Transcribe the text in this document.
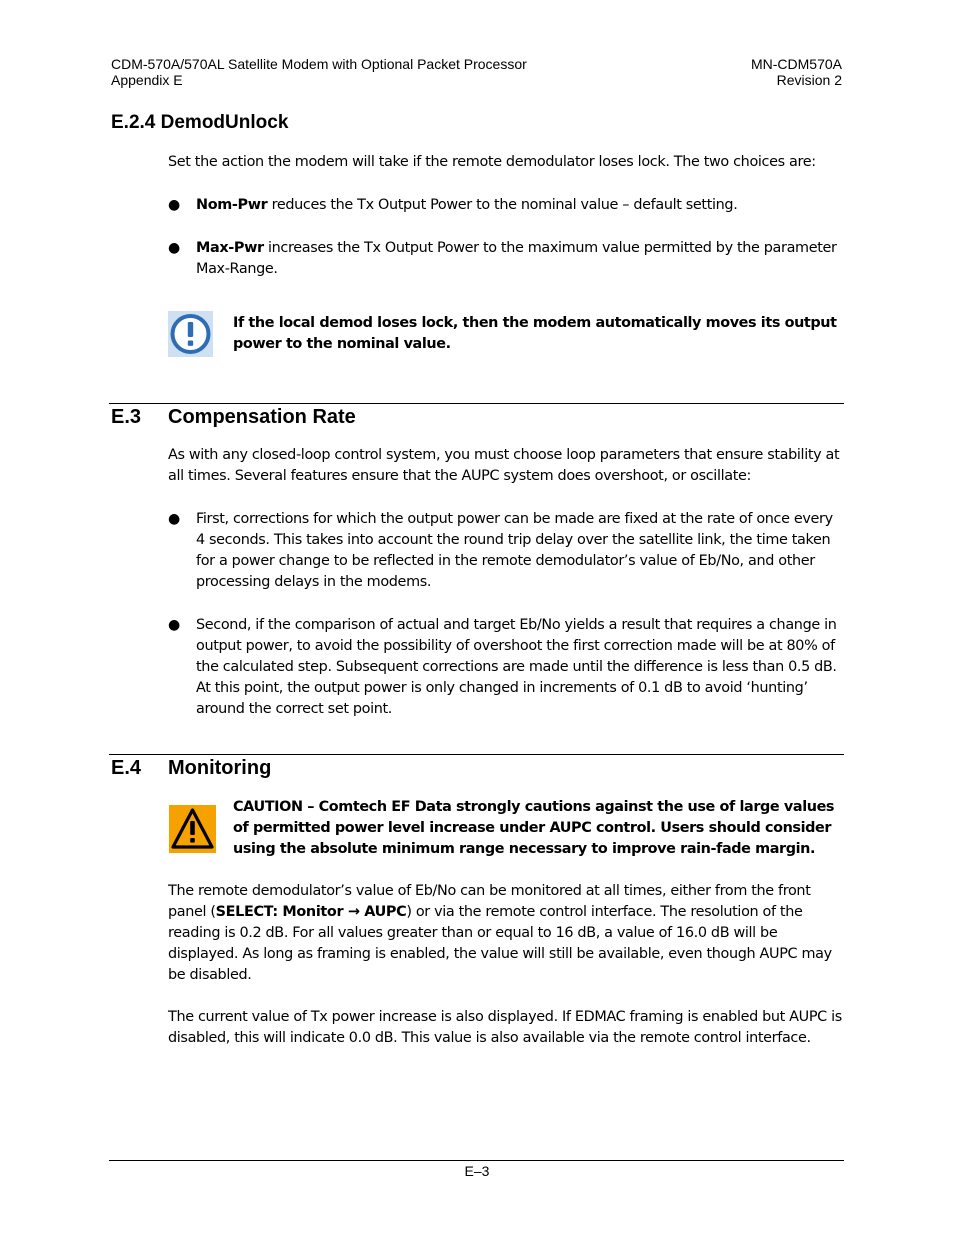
CDM-570A/570AL Satellite Modem with Optional Packet Processor
Appendix E
MN-CDM570A
Revision 2
E.2.4 DemodUnlock
Set the action the modem will take if the remote demodulator loses lock. The two choices are:
● Nom-Pwr reduces the Tx Output Power to the nominal value – default setting.
● Max-Pwr increases the Tx Output Power to the maximum value permitted by the parameter Max-Range.
If the local demod loses lock, then the modem automatically moves its output power to the nominal value.
E.3 Compensation Rate
As with any closed-loop control system, you must choose loop parameters that ensure stability at all times. Several features ensure that the AUPC system does overshoot, or oscillate:
● First, corrections for which the output power can be made are fixed at the rate of once every 4 seconds. This takes into account the round trip delay over the satellite link, the time taken for a power change to be reflected in the remote demodulator’s value of Eb/No, and other processing delays in the modems.
● Second, if the comparison of actual and target Eb/No yields a result that requires a change in output power, to avoid the possibility of overshoot the first correction made will be at 80% of the calculated step. Subsequent corrections are made until the difference is less than 0.5 dB. At this point, the output power is only changed in increments of 0.1 dB to avoid ‘hunting’ around the correct set point.
E.4 Monitoring
CAUTION – Comtech EF Data strongly cautions against the use of large values of permitted power level increase under AUPC control. Users should consider using the absolute minimum range necessary to improve rain-fade margin.
The remote demodulator’s value of Eb/No can be monitored at all times, either from the front panel (SELECT: Monitor → AUPC) or via the remote control interface. The resolution of the reading is 0.2 dB. For all values greater than or equal to 16 dB, a value of 16.0 dB will be displayed. As long as framing is enabled, the value will still be available, even though AUPC may be disabled.
The current value of Tx power increase is also displayed. If EDMAC framing is enabled but AUPC is disabled, this will indicate 0.0 dB. This value is also available via the remote control interface.
E–3
